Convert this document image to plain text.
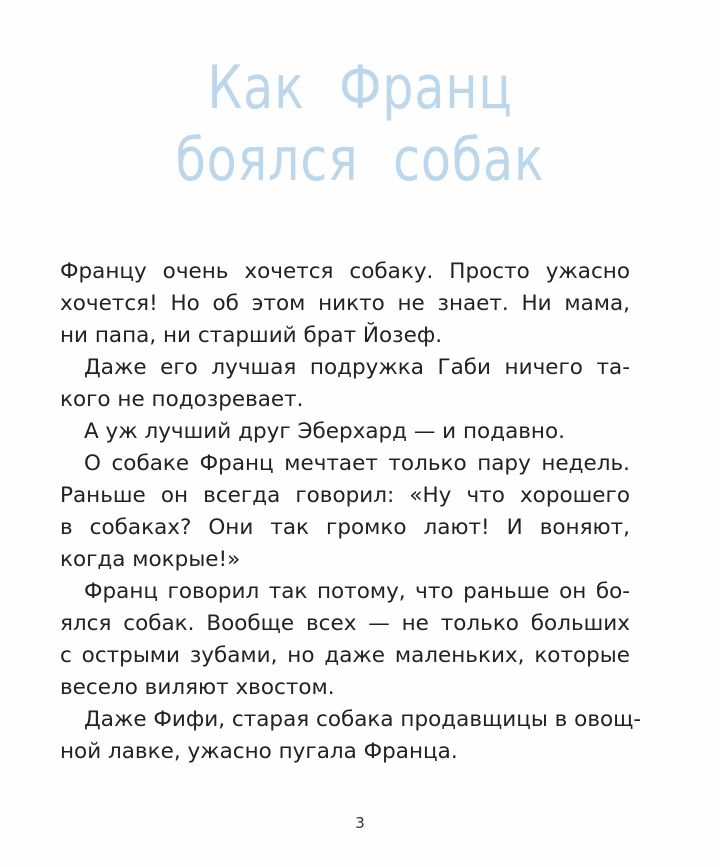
Как Франц
боялся собак
Францу очень хочется собаку. Просто ужасно
хочется! Но об этом никто не знает. Ни мама,
ни папа, ни старший брат Йозеф.
Даже его лучшая подружка Габи ничего та-
кого не подозревает.
А уж лучший друг Эберхард — и подавно.
О собаке Франц мечтает только пару недель.
Раньше он всегда говорил: «Ну что хорошего
в собаках? Они так громко лают! И воняют,
когда мокрые!»
Франц говорил так потому, что раньше он бо-
ялся собак. Вообще всех — не только больших
с острыми зубами, но даже маленьких, которые
весело виляют хвостом.
Даже Фифи, старая собака продавщицы в овощ-
ной лавке, ужасно пугала Франца.
3
